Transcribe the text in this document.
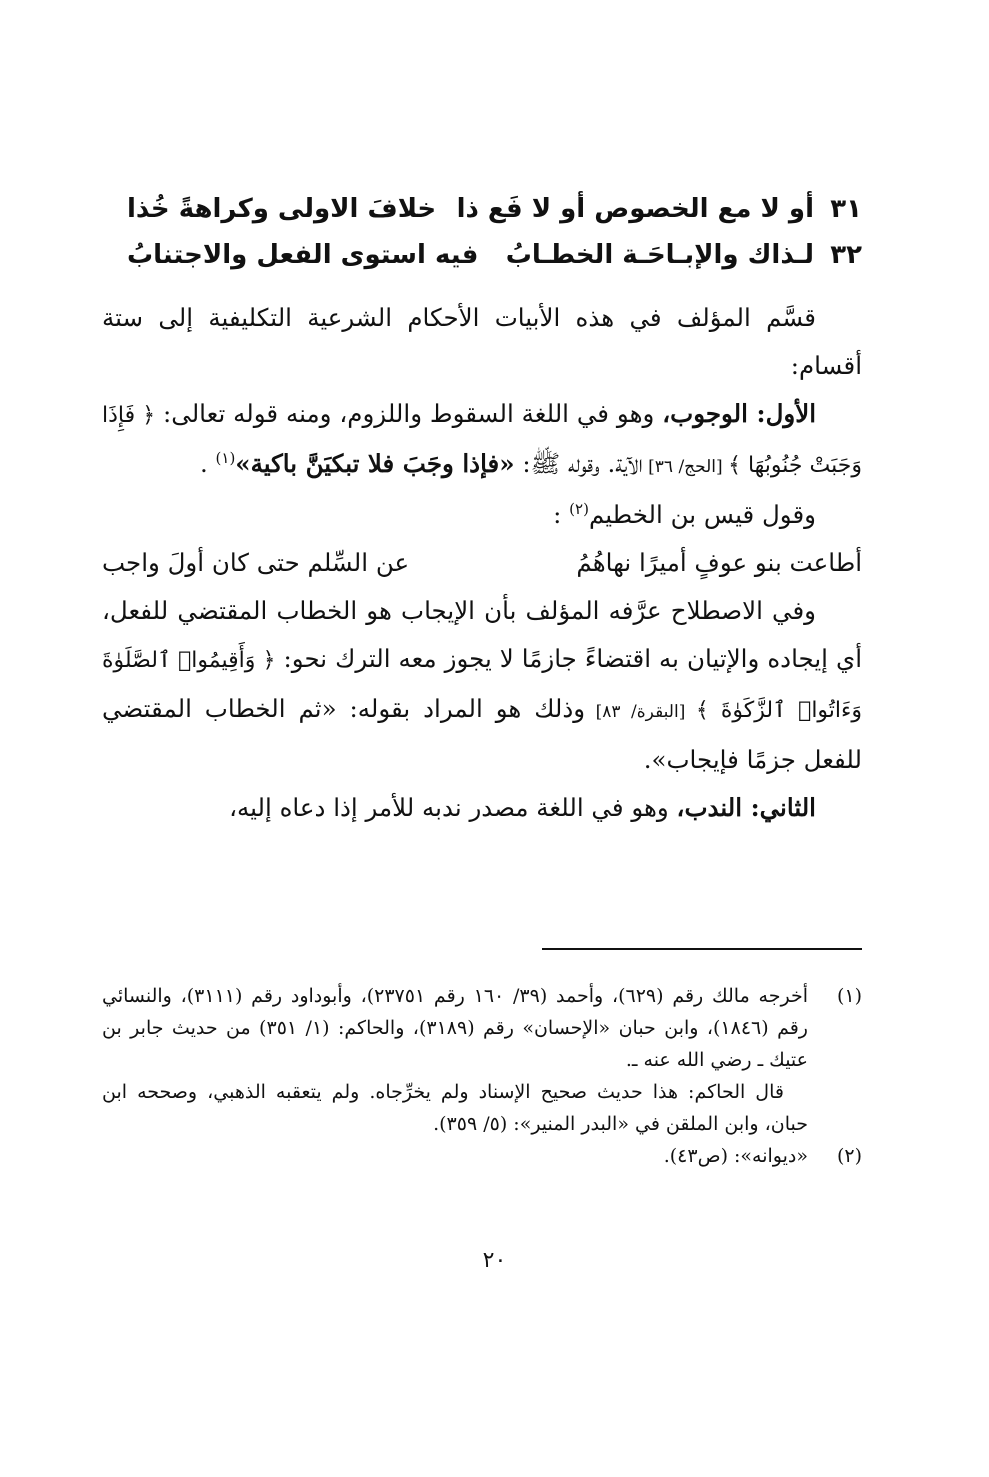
٣١
أو لا مع الخصوص أو لا فَع ذا
خلافَ الاولى وكراهةً خُذا
٣٢
لـذاك والإبـاحَـة الخطـابُ
فيه استوى الفعل والاجتنابُ

قسَّم المؤلف في هذه الأبيات الأحكام الشرعية التكليفية إلى ستة أقسام:

الأول: الوجوب، وهو في اللغة السقوط واللزوم، ومنه قوله تعالى: ﴿ فَإِذَا وَجَبَتْ جُنُوبُهَا ﴾ [الحج/ ٣٦] الآية. وقوله ﷺ: «فإذا وجَبَ فلا تبكيَنَّ باكية»$^{(١)}$ .

وقول قيس بن الخطيم$^{(٢)}$ :

أطاعت بنو عوفٍ أميرًا نهاهُمُ
عن السِّلم حتى كان أولَ واجب

وفي الاصطلاح عرَّفه المؤلف بأن الإيجاب هو الخطاب المقتضي للفعل، أي إيجاده والإتيان به اقتضاءً جازمًا لا يجوز معه الترك نحو: ﴿ وَأَقِيمُوا۟ ٱلصَّلَوٰةَ وَءَاتُوا۟ ٱلزَّكَوٰةَ ﴾ [البقرة/ ٨٣] وذلك هو المراد بقوله: «ثم الخطاب المقتضي للفعل جزمًا فإيجاب».

الثاني: الندب، وهو في اللغة مصدر ندبه للأمر إذا دعاه إليه،

(١)
أخرجه مالك رقم (٦٢٩)، وأحمد (٣٩/ ١٦٠ رقم ٢٣٧٥١)، وأبوداود رقم (٣١١١)، والنسائي رقم (١٨٤٦)، وابن حبان «الإحسان» رقم (٣١٨٩)، والحاكم: (١/ ٣٥١) من حديث جابر بن عتيك ـ رضي الله عنه ـ.

قال الحاكم: هذا حديث صحيح الإسناد ولم يخرِّجاه. ولم يتعقبه الذهبي، وصححه ابن حبان، وابن الملقن في «البدر المنير»: (٥/ ٣٥٩).

(٢)
«ديوانه»: (ص٤٣).

٢٠
